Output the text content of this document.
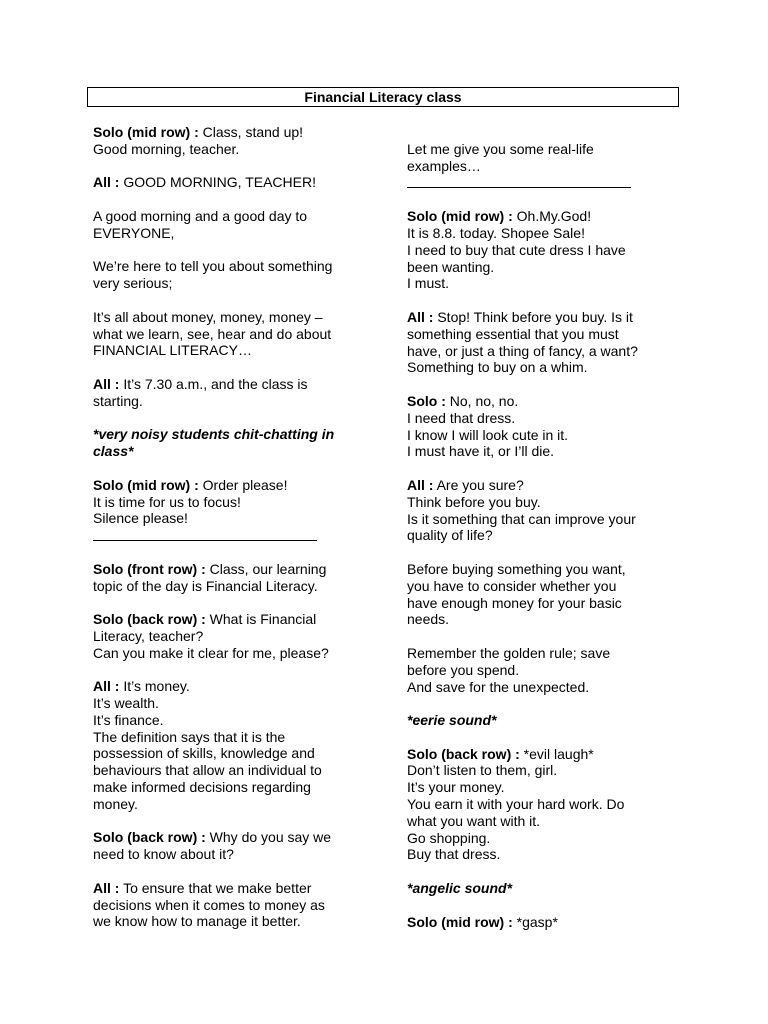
Financial Literacy class
Solo (mid row) : Class, stand up!
Good morning, teacher.
All : GOOD MORNING, TEACHER!
A good morning and a good day to
EVERYONE,
We’re here to tell you about something
very serious;
It’s all about money, money, money –
what we learn, see, hear and do about
FINANCIAL LITERACY…
All : It’s 7.30 a.m., and the class is
starting.
*very noisy students chit-chatting in
class*
Solo (mid row) : Order please!
It is time for us to focus!
Silence please!
Solo (front row) : Class, our learning
topic of the day is Financial Literacy.
Solo (back row) : What is Financial
Literacy, teacher?
Can you make it clear for me, please?
All : It’s money.
It’s wealth.
It’s finance.
The definition says that it is the
possession of skills, knowledge and
behaviours that allow an individual to
make informed decisions regarding
money.
Solo (back row) : Why do you say we
need to know about it?
All : To ensure that we make better
decisions when it comes to money as
we know how to manage it better.
Let me give you some real-life
examples…
Solo (mid row) : Oh.My.God!
It is 8.8. today. Shopee Sale!
I need to buy that cute dress I have
been wanting.
I must.
All : Stop! Think before you buy. Is it
something essential that you must
have, or just a thing of fancy, a want?
Something to buy on a whim.
Solo : No, no, no.
I need that dress.
I know I will look cute in it.
I must have it, or I’ll die.
All : Are you sure?
Think before you buy.
Is it something that can improve your
quality of life?
Before buying something you want,
you have to consider whether you
have enough money for your basic
needs.
Remember the golden rule; save
before you spend.
And save for the unexpected.
*eerie sound*
Solo (back row) : *evil laugh*
Don’t listen to them, girl.
It’s your money.
You earn it with your hard work. Do
what you want with it.
Go shopping.
Buy that dress.
*angelic sound*
Solo (mid row) : *gasp*
